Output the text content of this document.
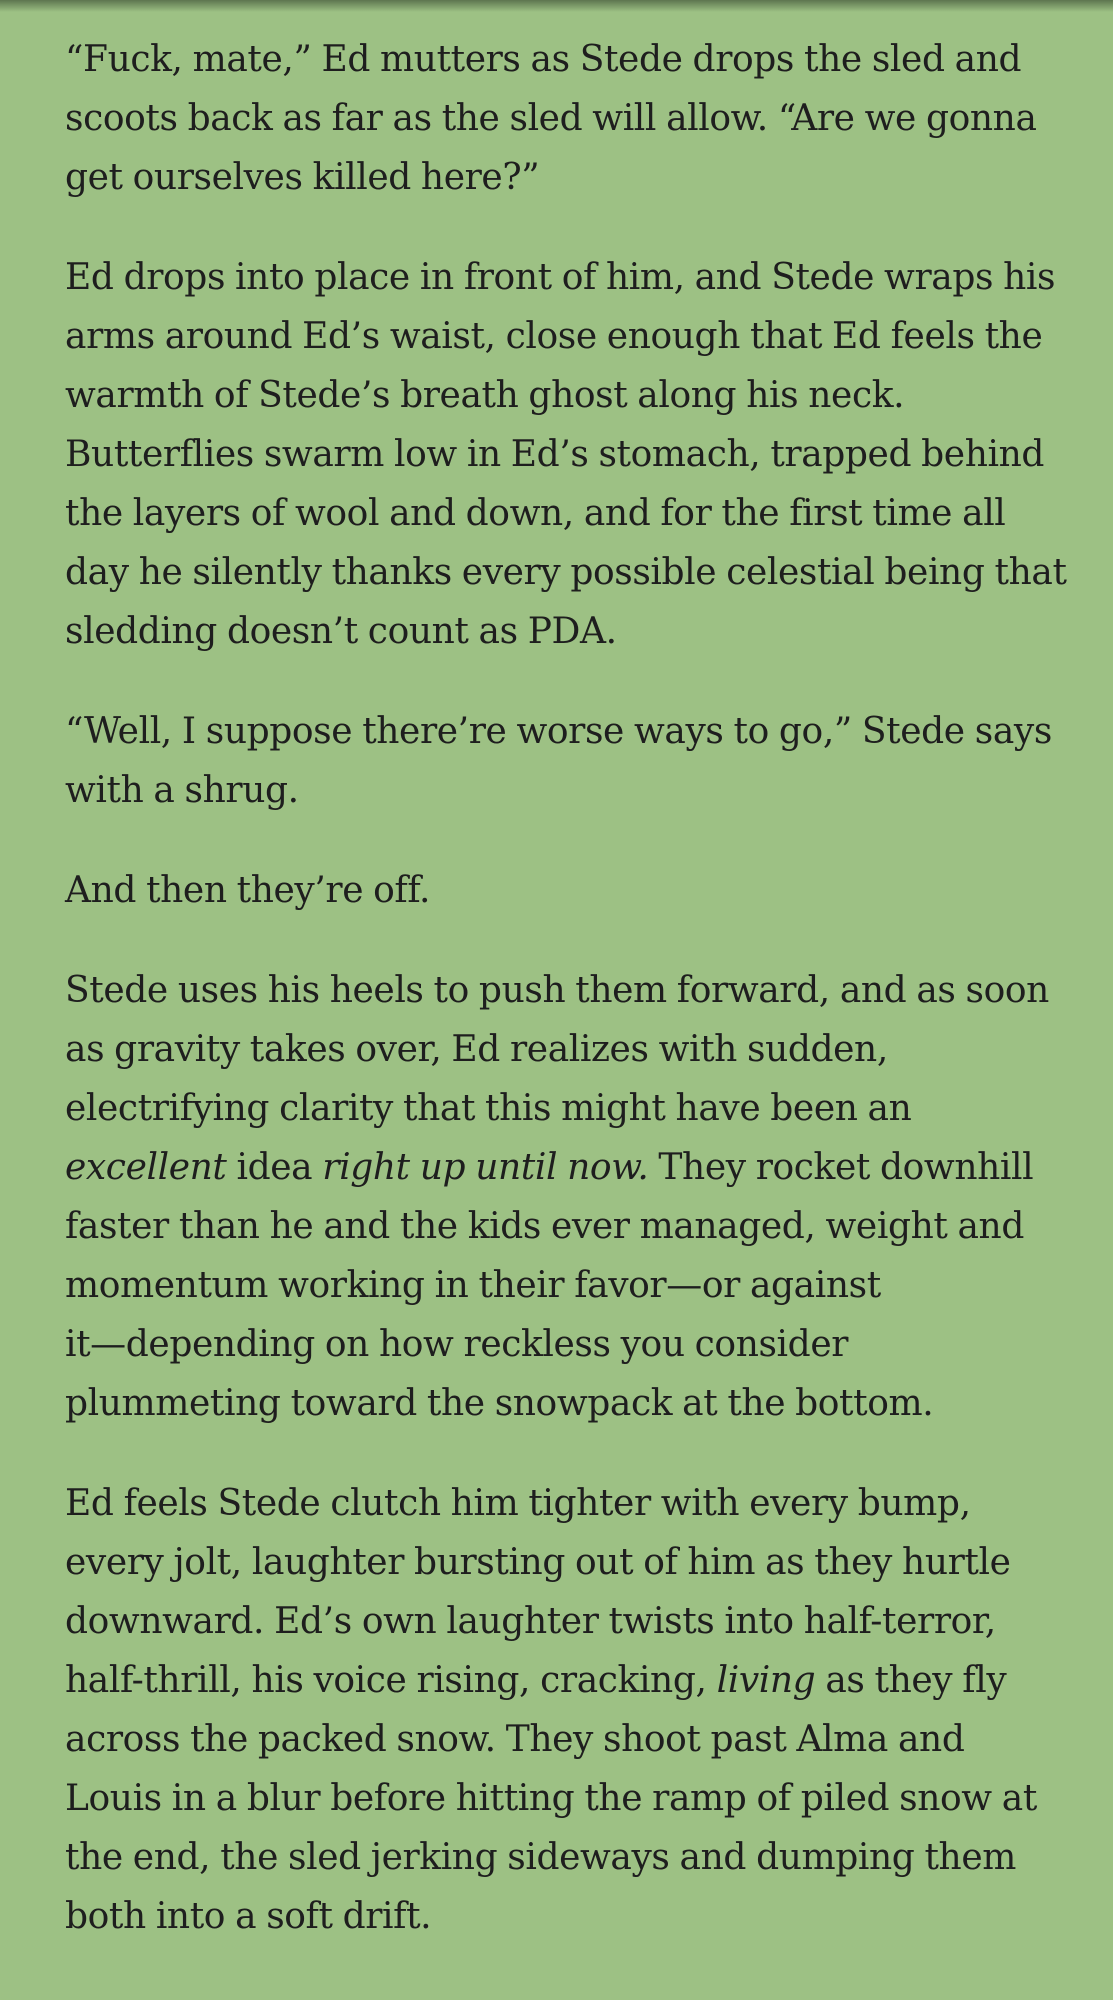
“Fuck, mate,” Ed mutters as Stede drops the sled and
scoots back as far as the sled will allow. “Are we gonna
get ourselves killed here?”
Ed drops into place in front of him, and Stede wraps his
arms around Ed’s waist, close enough that Ed feels the
warmth of Stede’s breath ghost along his neck.
Butterflies swarm low in Ed’s stomach, trapped behind
the layers of wool and down, and for the first time all
day he silently thanks every possible celestial being that
sledding doesn’t count as PDA.
“Well, I suppose there’re worse ways to go,” Stede says
with a shrug.
And then they’re off.
Stede uses his heels to push them forward, and as soon
as gravity takes over, Ed realizes with sudden,
electrifying clarity that this might have been an
excellent idea right up until now. They rocket downhill
faster than he and the kids ever managed, weight and
momentum working in their favor—or against
it—depending on how reckless you consider
plummeting toward the snowpack at the bottom.
Ed feels Stede clutch him tighter with every bump,
every jolt, laughter bursting out of him as they hurtle
downward. Ed’s own laughter twists into half-terror,
half-thrill, his voice rising, cracking, living as they fly
across the packed snow. They shoot past Alma and
Louis in a blur before hitting the ramp of piled snow at
the end, the sled jerking sideways and dumping them
both into a soft drift.
